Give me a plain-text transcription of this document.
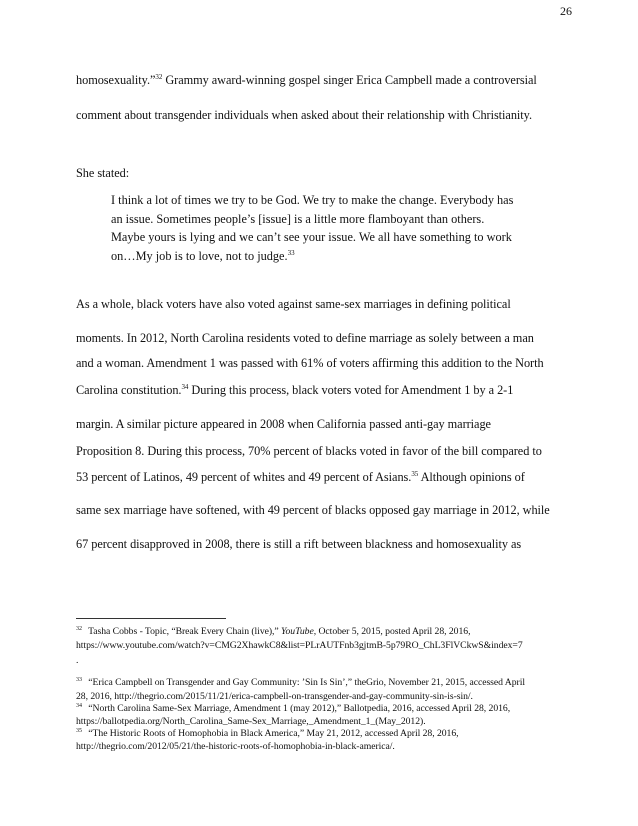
26
homosexuality.”$^{32}$ Grammy award-winning gospel singer Erica Campbell made a controversial
comment about transgender individuals when asked about their relationship with Christianity.
She stated:
I think a lot of times we try to be God. We try to make the change. Everybody has
an issue. Sometimes people’s [issue] is a little more flamboyant than others.
Maybe yours is lying and we can’t see your issue. We all have something to work
on…My job is to love, not to judge.$^{33}$
As a whole, black voters have also voted against same-sex marriages in defining political
moments. In 2012, North Carolina residents voted to define marriage as solely between a man
and a woman. Amendment 1 was passed with 61% of voters affirming this addition to the North
Carolina constitution.$^{34}$ During this process, black voters voted for Amendment 1 by a 2-1
margin. A similar picture appeared in 2008 when California passed anti-gay marriage
Proposition 8. During this process, 70% percent of blacks voted in favor of the bill compared to
53 percent of Latinos, 49 percent of whites and 49 percent of Asians.$^{35}$ Although opinions of
same sex marriage have softened, with 49 percent of blacks opposed gay marriage in 2012, while
67 percent disapproved in 2008, there is still a rift between blackness and homosexuality as
$^{32}$ Tasha Cobbs - Topic, “Break Every Chain (live),” YouTube, October 5, 2015, posted April 28, 2016,
https://www.youtube.com/watch?v=CMG2XhawkC8&list=PLrAUTFnb3gjtmB-5p79RO_ChL3FlVCkwS&index=7
.
$^{33}$ “Erica Campbell on Transgender and Gay Community: ’Sin Is Sin’,” theGrio, November 21, 2015, accessed April
28, 2016, http://thegrio.com/2015/11/21/erica-campbell-on-transgender-and-gay-community-sin-is-sin/.
$^{34}$ “North Carolina Same-Sex Marriage, Amendment 1 (may 2012),” Ballotpedia, 2016, accessed April 28, 2016,
https://ballotpedia.org/North_Carolina_Same-Sex_Marriage,_Amendment_1_(May_2012).
$^{35}$ “The Historic Roots of Homophobia in Black America,” May 21, 2012, accessed April 28, 2016,
http://thegrio.com/2012/05/21/the-historic-roots-of-homophobia-in-black-america/.
